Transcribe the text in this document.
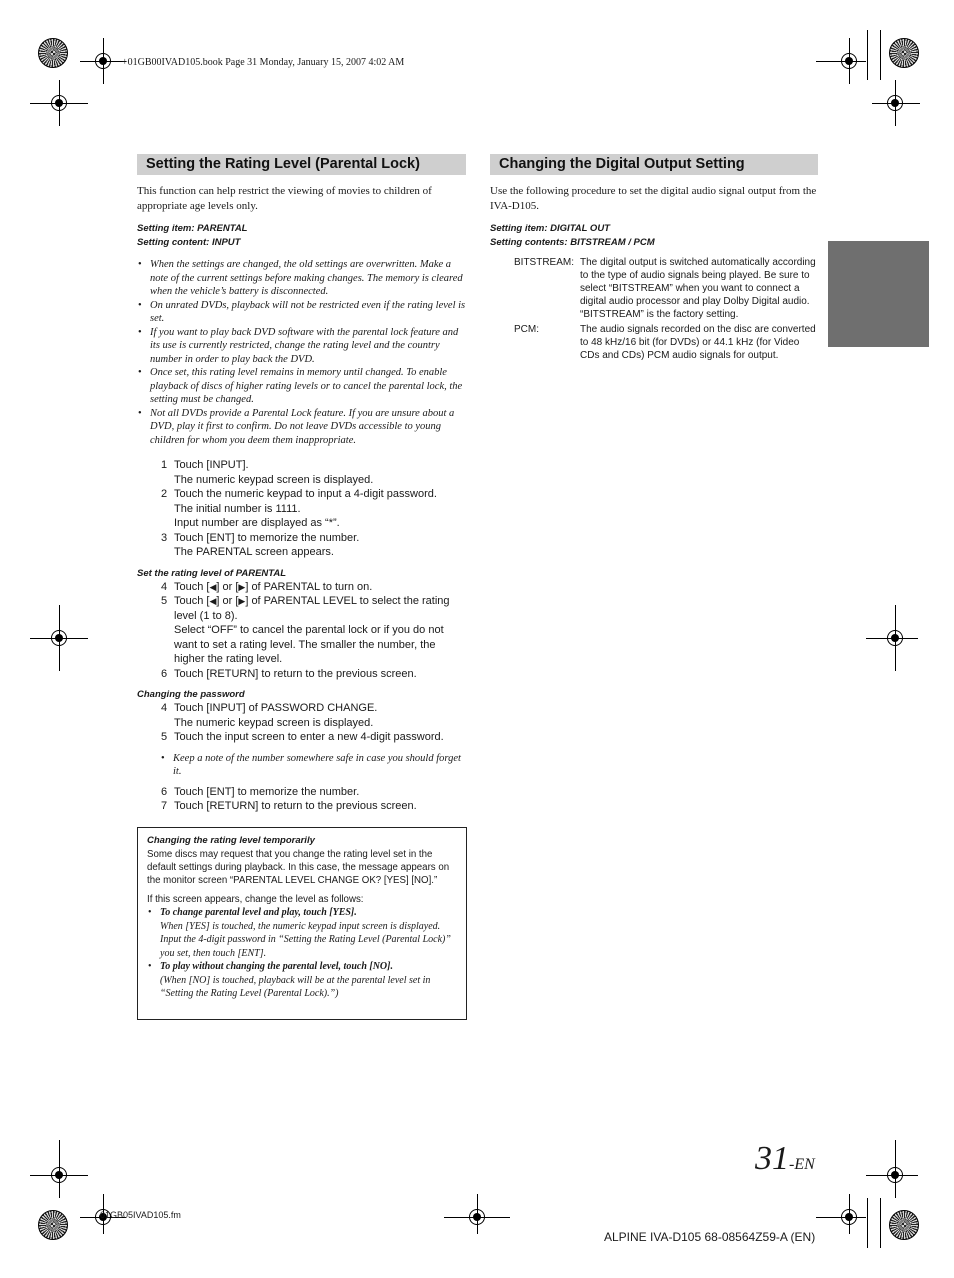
+01GB00IVAD105.book Page 31 Monday, January 15, 2007 4:02 AM
Setting the Rating Level (Parental Lock)
This function can help restrict the viewing of movies to children of appropriate age levels only.
Setting item: PARENTAL
Setting content: INPUT
• When the settings are changed, the old settings are overwritten. Make a note of the current settings before making changes. The memory is cleared when the vehicle’s battery is disconnected.
• On unrated DVDs, playback will not be restricted even if the rating level is set.
• If you want to play back DVD software with the parental lock feature and its use is currently restricted, change the rating level and the country number in order to play back the DVD.
• Once set, this rating level remains in memory until changed. To enable playback of discs of higher rating levels or to cancel the parental lock, the setting must be changed.
• Not all DVDs provide a Parental Lock feature. If you are unsure about a DVD, play it first to confirm. Do not leave DVDs accessible to young children for whom you deem them inappropriate.
1 Touch [INPUT].
The numeric keypad screen is displayed.
2 Touch the numeric keypad to input a 4-digit password.
The initial number is 1111.
Input number are displayed as “*”.
3 Touch [ENT] to memorize the number.
The PARENTAL screen appears.
Set the rating level of PARENTAL
4 Touch [◀] or [▶] of PARENTAL to turn on.
5 Touch [◀] or [▶] of PARENTAL LEVEL to select the rating level (1 to 8).
Select “OFF” to cancel the parental lock or if you do not want to set a rating level. The smaller the number, the higher the rating level.
6 Touch [RETURN] to return to the previous screen.
Changing the password
4 Touch [INPUT] of PASSWORD CHANGE.
The numeric keypad screen is displayed.
5 Touch the input screen to enter a new 4-digit password.
• Keep a note of the number somewhere safe in case you should forget it.
6 Touch [ENT] to memorize the number.
7 Touch [RETURN] to return to the previous screen.
Changing the rating level temporarily
Some discs may request that you change the rating level set in the default settings during playback. In this case, the message appears on the monitor screen “PARENTAL LEVEL CHANGE OK? [YES] [NO].”
If this screen appears, change the level as follows:
• To change parental level and play, touch [YES].
When [YES] is touched, the numeric keypad input screen is displayed. Input the 4-digit password in “Setting the Rating Level (Parental Lock)” you set, then touch [ENT].
• To play without changing the parental level, touch [NO].
(When [NO] is touched, playback will be at the parental level set in “Setting the Rating Level (Parental Lock).”)
Changing the Digital Output Setting
Use the following procedure to set the digital audio signal output from the IVA-D105.
Setting item: DIGITAL OUT
Setting contents: BITSTREAM / PCM
BITSTREAM: The digital output is switched automatically according to the type of audio signals being played. Be sure to select “BITSTREAM” when you want to connect a digital audio processor and play Dolby Digital audio. “BITSTREAM” is the factory setting.
PCM:	The audio signals recorded on the disc are converted to 48 kHz/16 bit (for DVDs) or 44.1 kHz (for Video CDs and CDs) PCM audio signals for output.
31-EN
01GB05IVAD105.fm
ALPINE IVA-D105 68-08564Z59-A (EN)
